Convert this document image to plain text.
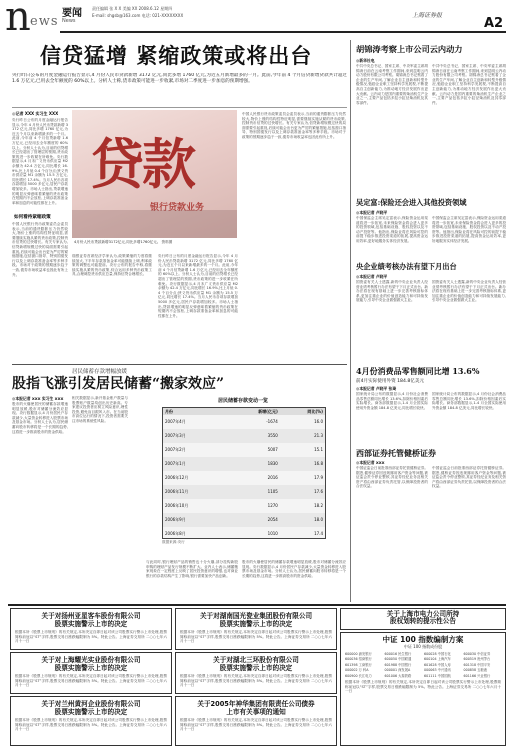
n ews
要闻
News
责任编辑 张 X X 美编 XX 2008.6.12 星期四
E-mail: shgsb@163.com 电话: 021-XXXXXXXX	上海证券报
A2
信贷猛增 紧缩政策或将出台
央行昨日公布的月度金融运行报告显示,4 月份人民币贷款新增 3172 亿元,同比多增 1760 亿元,为近五月新增最多的一月。此前,今年前 4 个月信贷新增贷款共计超过 1.6 万亿元,已用去全年额度的 60%以上。分析人士称,货币政策可能进一步收紧,市场对二季度进一步加息的预期增强。
◎记者 XXX 实习生 XXX
央行昨日公布的月度金融运行报告显示,今年 4 月份人民币贷款新增 3172 亿元,同比多增 1760 亿元,为近五个月以来新增最多的一个月。此前,今年前 4 个月信贷新增 1.6 万亿元,已经用去全年额度的 60%以上。分析人士认为,目前的信贷增长已经超出了管理层的预期,货币政策的进一步收紧在所难免。央行数据显示,4 月末广义货币供应量 M2 余额为 42.4 万亿元,同比增长 16.9%,比上月低 0.4 个百分点;狭义货币供应量 M1 余额为 15.5 万亿元,同比增长 17.4%。当月人民币各项存款增加 5000 多亿元,居民户存款增加较多。市场人士指出,贷款增速的明显反弹意味着紧缩的货币政策在短期内不会放松,上调存款准备金率和加息的可能性都在上升。
如何看待紧缩政策
中国人民银行货币政策委员会委员表示,当前的通货膨胀压力仍然较大,物价上涨的结构性特征明显,需要继续实施从紧的货币政策,控制货币信贷的过快增长。有关专家认为,信贷新增规模过快的局面需要引起重视,后续可能会出台更为严厉的紧缩措施,包括窗口指导、特别国债发行以及上调存款准备金率等多种手段。市场对于政策的预期逐步趋于一致,债券市场收益率也因此有所上升。
贷款
银行贷款业务
4月份人民币贷款新增3172亿元,同比多增1760亿元。 资料图
瑞银证券首席经济学家认为,政策紧缩的力度将继续加大,下半年存款准备金率可能继续上调,利率政策的调整也可能提前。央行公布的报告中称,将继续实施从紧的货币政策,综合运用多种货币政策工具,合理调控货币供应总量,保持信贷合理增长。
央行昨日公布的月度金融运行报告显示,今年 4 月份人民币贷款新增 3172 亿元,同比多增 1760 亿元,为近五个月以来新增最多的一个月。此前,今年前 4 个月信贷新增 1.6 万亿元,已经用去全年额度的 60%以上。分析人士认为,目前的信贷增长已经超出了管理层的预期,货币政策的进一步收紧在所难免。央行数据显示,4 月末广义货币供应量 M2 余额为 42.4 万亿元,同比增长 16.9%,比上月低 0.4 个百分点;狭义货币供应量 M1 余额为 15.5 万亿元,同比增长 17.4%。当月人民币各项存款增加 5000 多亿元,居民户存款增加较多。市场人士指出,贷款增速的明显反弹意味着紧缩的货币政策在短期内不会放松,上调存款准备金率和加息的可能性都在上升。
中国人民银行货币政策委员会委员表示,当前的通货膨胀压力仍然较大,物价上涨的结构性特征明显,需要继续实施从紧的货币政策,控制货币信贷的过快增长。有关专家认为,信贷新增规模过快的局面需要引起重视,后续可能会出台更为严厉的紧缩措施,包括窗口指导、特别国债发行以及上调存款准备金率等多种手段。市场对于政策的预期逐步趋于一致,债券市场收益率也因此有所上升。
居民储蓄存款增幅放缓
股指飞涨引发居民储蓄“搬家效应”
◎本报记者 XXX 实习生 XXX
股市的火爆使居民的储蓄存款增速明显放缓,股市对储蓄分流效应显现。央行数据显示,4 月份居民户存款减少,大量资金转移进入股票市场及基金市场。分析人士认为,居民储蓄向股市转移将是一个长期的趋势,这将进一步推高股市的资金供给。
相关数据显示,新开基金账户数量与股票账户数量均创出历史新高。专家建议投资者应树立风险意识,理性投资,避免盲目跟风入市。在当前股市高位运行的情况下,投资者需要关注市场的系统性风险。
与此同时,银行理财产品的销售也十分火爆,部分挂钩新股申购的理财产品发行规模不断扩大。业内人士表示,储蓄搬家现象在一定程度上反映了居民投资意识的增强,也对商业银行的存款结构产生了影响,银行需要加快产品创新。
股市的火爆使居民的储蓄存款增速明显放缓,股市对储蓄分流效应显现。央行数据显示,4 月份居民户存款减少,大量资金转移进入股票市场及基金市场。分析人士认为,居民储蓄向股市转移将是一个长期的趋势,这将进一步推高股市的资金供给。
居民储蓄存款变动一览
月份	新增(亿元)	同比(%)
2007年4月	-1674	16.0
2007年3月	3550	21.3
2007年2月	5007	15.1
2007年1月	1830	16.8
2006年12月	2016	17.9
2006年11月	1105	17.6
2006年10月	1270	18.2
2006年9月	2054	18.0
2006年8月	1010	17.4
数据来源:央行
胡锦涛考察上市公司云内动力
◎新华社电
中共中央总书记、国家主席、中央军委主席胡锦涛日前在云南考察工作期间,来到昆明云内动力股份有限公司考察。胡锦涛总书记察看了企业的生产车间,了解企业自主创新和转型升级情况,勉励企业职工坚持科学发展观,不断提高自主创新能力,为推动地方经济发展作出更大贡献。云内动力是国内重要的柴油机生产企业之一,主要产品包括多缸小缸径柴油机及其零部件。
中共中央总书记、国家主席、中央军委主席胡锦涛日前在云南考察工作期间,来到昆明云内动力股份有限公司考察。胡锦涛总书记察看了企业的生产车间,了解企业自主创新和转型升级情况,勉励企业职工坚持科学发展观,不断提高自主创新能力,为推动地方经济发展作出更大贡献。云内动力是国内重要的柴油机生产企业之一,主要产品包括多缸小缸径柴油机及其零部件。
吴定富:保险还会进入其他投资领域
◎本报记者 卢晓平
中国保监会主席吴定富表示,保险资金运用渠道将进一步拓宽,未来保险资金将会进入更多的投资领域,包括基础设施、股权投资以及不动产投资等。他指出,保险业将在风险可控的前提下稳步推进投资渠道的拓展,提高资金运用效率,更好地服务实体经济发展。
中国保监会主席吴定富表示,保险资金运用渠道将进一步拓宽,未来保险资金将会进入更多的投资领域,包括基础设施、股权投资以及不动产投资等。他指出,保险业将在风险可控的前提下稳步推进投资渠道的拓展,提高资金运用效率,更好地服务实体经济发展。
央企业绩考核办法有望下月出台
◎本报记者 卢晓平
国资委有关人士透露,新的中央企业负责人经营业绩考核暂行办法有望于下月正式出台。新办法将在现有基础上进一步完善考核指标体系,更加注重企业的价值创造能力和可持续发展能力,引导中央企业做强做大主业。
国资委有关人士透露,新的中央企业负责人经营业绩考核暂行办法有望于下月正式出台。新办法将在现有基础上进一步完善考核指标体系,更加注重企业的价值创造能力和可持续发展能力,引导中央企业做强做大主业。
4月份消费品零售额同比增 13.6%
前4月实际使用外资 184.8亿美元
◎本报记者 卢晓平 张琦
国家统计局公布的数据显示,4 月份社会消费品零售总额同比增长 13.6%,扣除价格因素后实际增长。商务部数据显示,1-4 月全国实际使用外资金额 184.8 亿美元,同比增长较快。
国家统计局公布的数据显示,4 月份社会消费品零售总额同比增长 13.6%,扣除价格因素后实际增长。商务部数据显示,1-4 月全国实际使用外资金额 184.8 亿美元,同比增长较快。
西部证券托管健桥证券
◎本报记者 XXX
中国证监会日前批准西部证券托管健桥证券。据悉,健桥证券因违规挪用客户资金等问题,被证监会责令停业整顿,其证券经纪业务及相关资产将由西部证券负责托管,以保障投资者的合法权益。
中国证监会日前批准西部证券托管健桥证券。据悉,健桥证券因违规挪用客户资金等问题,被证监会责令停业整顿,其证券经纪业务及相关资产将由西部证券负责托管,以保障投资者的合法权益。
关于对扬州亚星客车股份有限公司
股票实施警示上市的决定
根据本所《股票上市规则》的有关规定,本所决定自即日起对该公司股票实行警示上市处理,股票简称前冠以“ST”字样,股票交易日涨跌幅限制为 5%。特此公告。上海证券交易所 二○○七年六月十一日
关于对湖南国光瓷业集团股份有限公司
股票实施警示上市的决定
根据本所《股票上市规则》的有关规定,本所决定自即日起对该公司股票实行警示上市处理,股票简称前冠以“ST”字样,股票交易日涨跌幅限制为 5%。特此公告。上海证券交易所 二○○七年六月十一日
关于上海市电力公司所持
股权划转的提示性公告
关于对上海耀光实业股份有限公司
股票实施警示上市的决定
根据本所《股票上市规则》的有关规定,本所决定自即日起对该公司股票实行警示上市处理,股票简称前冠以“ST”字样,股票交易日涨跌幅限制为 5%。特此公告。上海证券交易所 二○○七年六月十一日
关于对湖北三环股份有限公司
股票实施警示上市的决定
根据本所《股票上市规则》的有关规定,本所决定自即日起对该公司股票实行警示上市处理,股票简称前冠以“ST”字样,股票交易日涨跌幅限制为 5%。特此公告。上海证券交易所 二○○七年六月十一日
中证 100 指数编制方案
中证 100 指数成份股
600000 浦发银行	600016 民生银行	600028 中国石化	600030 中信证券
600036 招商银行	600050 中国联通	600104 上海汽车	600519 贵州茅台
601398 工商银行	601988 中国银行	601628 中国人寿	601318 中国平安
000002 万 科A	000001 深发展A	000063 中兴通讯	000858 五粮液
600900 长江电力	601006 大秦铁路	601111 中国国航	601166 兴业银行
根据本所《股票上市规则》的有关规定,本所决定自即日起对该公司股票实行警示上市处理,股票简称前冠以“ST”字样,股票交易日涨跌幅限制为 5%。特此公告。上海证券交易所 二○○七年六月十一日
关于对兰州黄河企业股份有限公司
股票实施警示上市的决定
根据本所《股票上市规则》的有关规定,本所决定自即日起对该公司股票实行警示上市处理,股票简称前冠以“ST”字样,股票交易日涨跌幅限制为 5%。特此公告。上海证券交易所 二○○七年六月十一日
关于2005年神华集团有限责任公司债券
上市有关事项的通知
根据本所《股票上市规则》的有关规定,本所决定自即日起对该公司股票实行警示上市处理,股票简称前冠以“ST”字样,股票交易日涨跌幅限制为 5%。特此公告。上海证券交易所 二○○七年六月十一日
